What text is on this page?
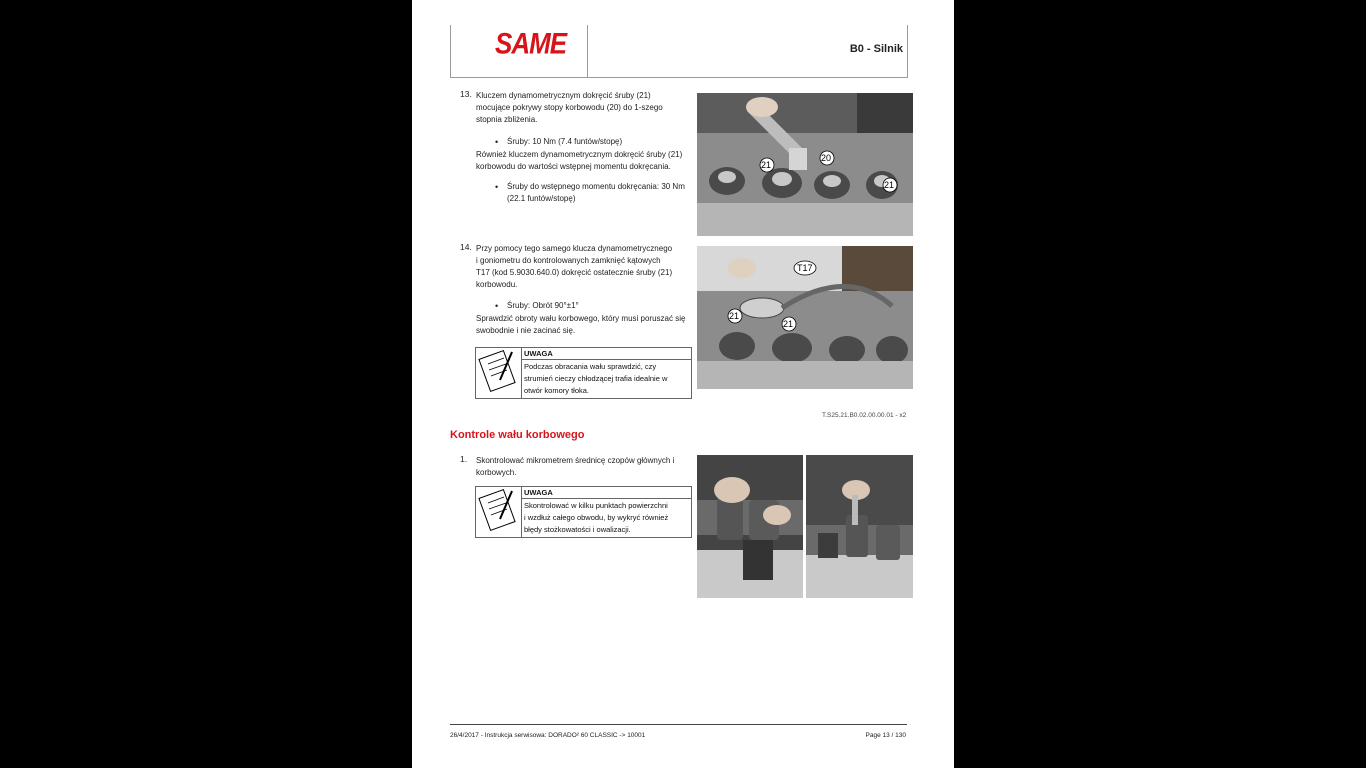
SAME	B0 - Silnik
13. Kluczem dynamometrycznym dokręcić śruby (21)
mocujące pokrywy stopy korbowodu (20) do 1-szego
stopnia zbliżenia.
• Śruby: 10 Nm (7.4 funtów/stopę)
Również kluczem dynamometrycznym dokręcić śruby (21)
korbowodu do wartości wstępnej momentu dokręcania.
• Śruby do wstępnego momentu dokręcania: 30 Nm
(22.1 funtów/stopę)
21
20
21
14. Przy pomocy tego samego klucza dynamometrycznego
i goniometru do kontrolowanych zamknięć kątowych
T17 (kod 5.9030.640.0) dokręcić ostatecznie śruby (21)
korbowodu.
• Śruby: Obrót 90°±1°
Sprawdzić obroty wału korbowego, który musi poruszać się
swobodnie i nie zacinać się.
UWAGA
Podczas obracania wału sprawdzić, czy
strumień cieczy chłodzącej trafia idealnie w
otwór komory tłoka.
T17
21
21
T.S25.21.B0.02.00.00.01 - x2
Kontrole wału korbowego
1. Skontrolować mikrometrem średnicę czopów głównych i
korbowych.
UWAGA
Skontrolować w kilku punktach powierzchni
i wzdłuż całego obwodu, by wykryć również
błędy stożkowatości i owalizacji.
26/4/2017 - Instrukcja serwisowa: DORADO² 60 CLASSIC -> 10001	Page 13 / 130
